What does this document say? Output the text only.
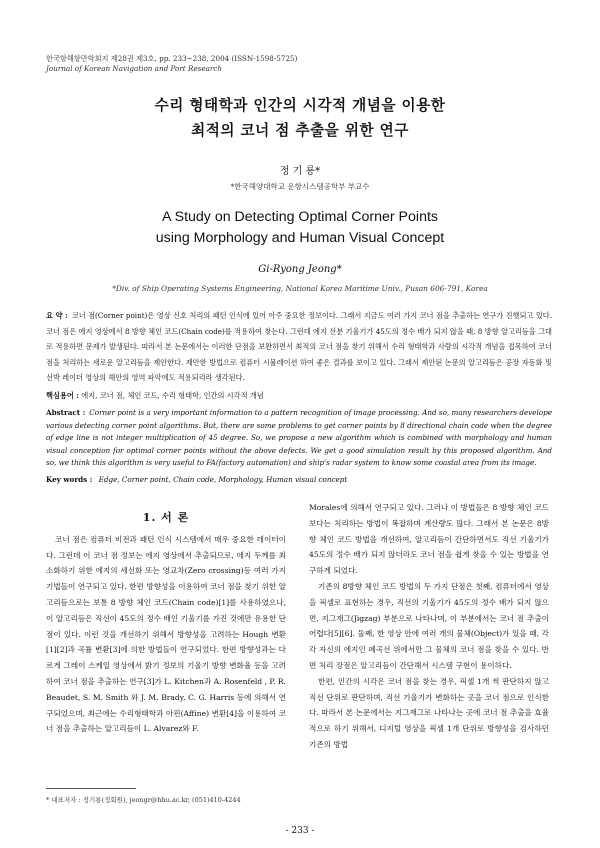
한국항해항만학회지 제28권 제3호, pp. 233~238, 2004 (ISSN-1598-5725)
Journal of Korean Navigation and Port Research
수리 형태학과 인간의 시각적 개념을 이용한
최적의 코너 점 추출을 위한 연구
정 기 룡*
*한국해양대학교 운항시스템공학부 부교수
A Study on Detecting Optimal Corner Points
using Morphology and Human Visual Concept
Gi-Ryong Jeong*
*Div. of Ship Operating Systems Engineering, National Korea Maritime Univ., Pusan 606-791, Korea
요 약 : 코너 점(Corner point)은 영상 신호 처리의 패턴 인식에 있어 아주 중요한 정보이다. 그래서 지금도 여러 가지 코너 점을 추출하는 연구가 진행되고 있다. 코너 점은 에지 영상에서 8 방향 체인 코드(Chain code)를 적용하여 찾는다. 그런데 에지 선분 기울기가 45도의 정수 배가 되지 않을 때, 8 방향 알고리듬을 그대로 적용하면 문제가 발생된다. 따라서 본 논문에서는 이러한 단점을 보완하면서 최적의 코너 점을 찾기 위해서 수리 형태학과 사람의 시각적 개념을 접목하여 코너 점을 처리하는 새로운 알고리듬을 제안한다. 제안한 방법으로 컴퓨터 시뮬레이션 하여 좋은 결과를 보이고 있다. 그래서 제안된 논문의 알고리듬은 공장 자동화 및 선박 레이더 영상의 해안의 영역 파악에도 적용되리라 생각된다.
핵심용어 : 에지, 코너 점, 체인 코드, 수리 형태학, 인간의 시각적 개념
Abstract : Corner point is a very important information to a pattern recognition of image processing. And so, many researchers develope various detecting corner point algorithms. But, there are some problems to get corner points by 8 directional chain code when the degree of edge line is not integer multiplication of 45 degree. So, we propose a new algorithm which is combined with morphology and human visual conception for optimal corner points without the above defects. We get a good simulation result by this proposed algorithm. And so, we think this algorithm is very useful to FA(factory automation) and ship's radar system to know some coastal area from its image.
Key words : Edge, Corner point, Chain code, Morphology, Human visual concept
1. 서 론

코너 점은 컴퓨터 비전과 패턴 인식 시스템에서 매우 중요한 데이터이다. 그런데 이 코너 점 정보는 에지 영상에서 추출되므로, 에지 두께를 최소화하기 위한 에지의 세선화 또는 영교차(Zero crossing)등 여러 가지 기법들이 연구되고 있다. 한편 방향성을 이용하여 코너 점을 찾기 위한 알고리듬으로는 보통 8 방향 체인 코드(Chain code)[1]를 사용하였으나, 이 알고리듬은 직선이 45도의 정수 배인 기울기를 가진 것에만 유용한 단점이 있다. 이런 것을 개선하기 위해서 방향성을 고려하는 Hough 변환[1][2]과 곡률 변환[3]에 의한 방법들이 연구되었다. 한편 방향성과는 다르게 그레이 스케일 영상에서 밝기 정보의 기울기 방향 변화율 등을 고려하여 코너 점을 추출하는 연구[3]가 L. Kitchen과 A. Rosenfeld , P. R. Beaudet, S. M. Smith 와 J. M. Brady, C. G. Harris 등에 의해서 연구되었으며, 최근에는 수리형태학과 아핀(Affine) 변환[4]을 이용하여 코너 점을 추출하는 알고리듬이 L. Alvarez와 F.

Morales에 의해서 연구되고 있다. 그러나 이 방법들은 8 방향 체인 코드보다는 처리하는 방법이 복잡하며 계산량도 많다. 그래서 본 논문은 8방향 체인 코드 방법을 개선하여, 알고리듬이 간단하면서도 직선 기울기가 45도의 정수 배가 되지 않더라도 코너 점을 쉽게 찾을 수 있는 방법을 연구하게 되었다.

기존의 8방향 체인 코드 방법의 두 가지 단점은 첫째, 컴퓨터에서 영상을 픽셀로 표현하는 경우, 직선의 기울기가 45도의 정수 배가 되지 않으면, 지그재그(Jigzag) 부분으로 나타나며, 이 부분에서는 코너 점 추출이 어렵다[5][6]. 둘째, 한 영상 안에 여러 개의 물체(Object)가 있을 때, 각각 자신의 에지인 폐곡선 위에서만 그 물체의 코너 점을 찾을 수 있다. 반면 처리 장점은 알고리듬이 간단해서 시스템 구현이 용이하다.

한편, 인간의 시각은 코너 점을 찾는 경우, 픽셀 1개 씩 판단하지 않고 직선 단위로 판단하며, 직선 기울기가 변화하는 곳을 코너 점으로 인식한다. 따라서 본 논문에서는 지그재그로 나타나는 곳에 코너 점 추출을 효율적으로 하기 위해서, 디지털 영상을 픽셀 1개 단위로 방향성을 검사하던 기존의 방법

* 대표저자 : 정기룡(정회원), jeongr@hhu.ac.kr, (051)410-4244
- 233 -
